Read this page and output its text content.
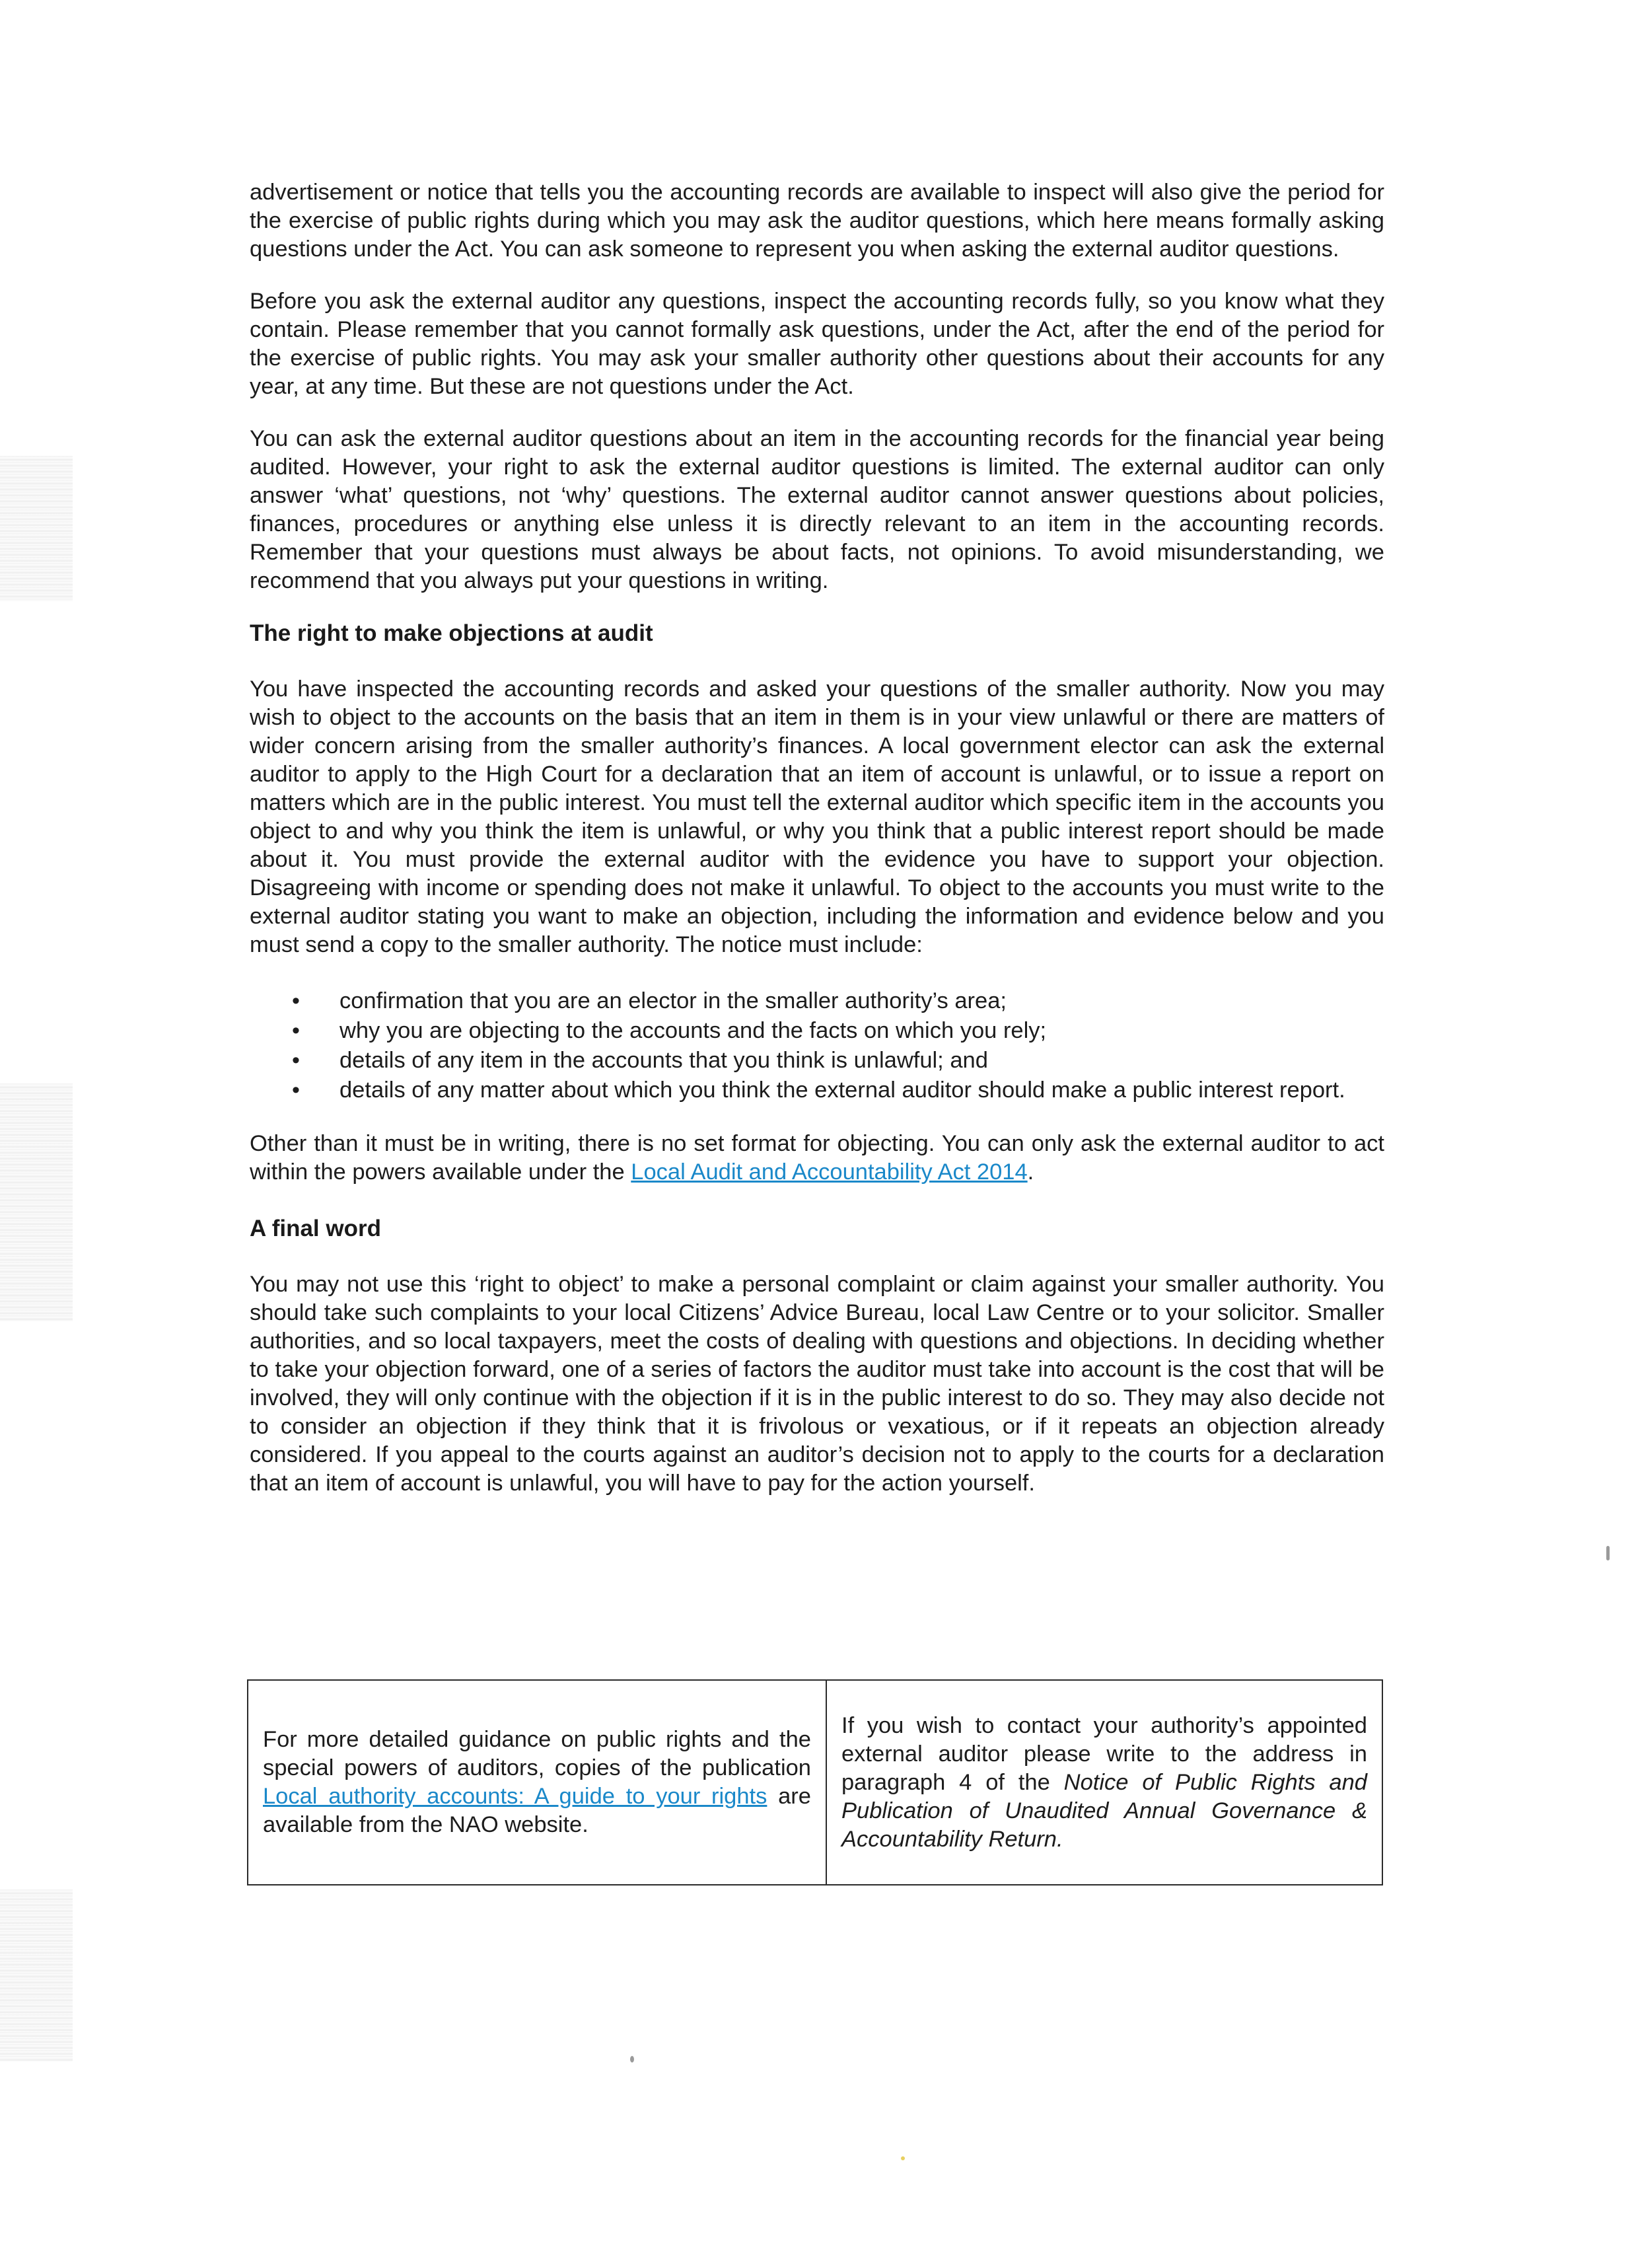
advertisement or notice that tells you the accounting records are available to inspect will also give the period for the exercise of public rights during which you may ask the auditor questions, which here means formally asking questions under the Act. You can ask someone to represent you when asking the external auditor questions.

Before you ask the external auditor any questions, inspect the accounting records fully, so you know what they contain. Please remember that you cannot formally ask questions, under the Act, after the end of the period for the exercise of public rights. You may ask your smaller authority other questions about their accounts for any year, at any time. But these are not questions under the Act.

You can ask the external auditor questions about an item in the accounting records for the financial year being audited. However, your right to ask the external auditor questions is limited. The external auditor can only answer ‘what’ questions, not ‘why’ questions. The external auditor cannot answer questions about policies, finances, procedures or anything else unless it is directly relevant to an item in the accounting records. Remember that your questions must always be about facts, not opinions. To avoid misunderstanding, we recommend that you always put your questions in writing.

The right to make objections at audit

You have inspected the accounting records and asked your questions of the smaller authority. Now you may wish to object to the accounts on the basis that an item in them is in your view unlawful or there are matters of wider concern arising from the smaller authority’s finances. A local government elector can ask the external auditor to apply to the High Court for a declaration that an item of account is unlawful, or to issue a report on matters which are in the public interest. You must tell the external auditor which specific item in the accounts you object to and why you think the item is unlawful, or why you think that a public interest report should be made about it. You must provide the external auditor with the evidence you have to support your objection. Disagreeing with income or spending does not make it unlawful. To object to the accounts you must write to the external auditor stating you want to make an objection, including the information and evidence below and you must send a copy to the smaller authority. The notice must include:

• confirmation that you are an elector in the smaller authority’s area;
• why you are objecting to the accounts and the facts on which you rely;
• details of any item in the accounts that you think is unlawful; and
• details of any matter about which you think the external auditor should make a public interest report.

Other than it must be in writing, there is no set format for objecting. You can only ask the external auditor to act within the powers available under the Local Audit and Accountability Act 2014.

A final word

You may not use this ‘right to object’ to make a personal complaint or claim against your smaller authority. You should take such complaints to your local Citizens’ Advice Bureau, local Law Centre or to your solicitor. Smaller authorities, and so local taxpayers, meet the costs of dealing with questions and objections. In deciding whether to take your objection forward, one of a series of factors the auditor must take into account is the cost that will be involved, they will only continue with the objection if it is in the public interest to do so. They may also decide not to consider an objection if they think that it is frivolous or vexatious, or if it repeats an objection already considered. If you appeal to the courts against an auditor’s decision not to apply to the courts for a declaration that an item of account is unlawful, you will have to pay for the action yourself.

For more detailed guidance on public rights and the special powers of auditors, copies of the publication Local authority accounts: A guide to your rights are available from the NAO website.	If you wish to contact your authority’s appointed external auditor please write to the address in paragraph 4 of the Notice of Public Rights and Publication of Unaudited Annual Governance & Accountability Return.
